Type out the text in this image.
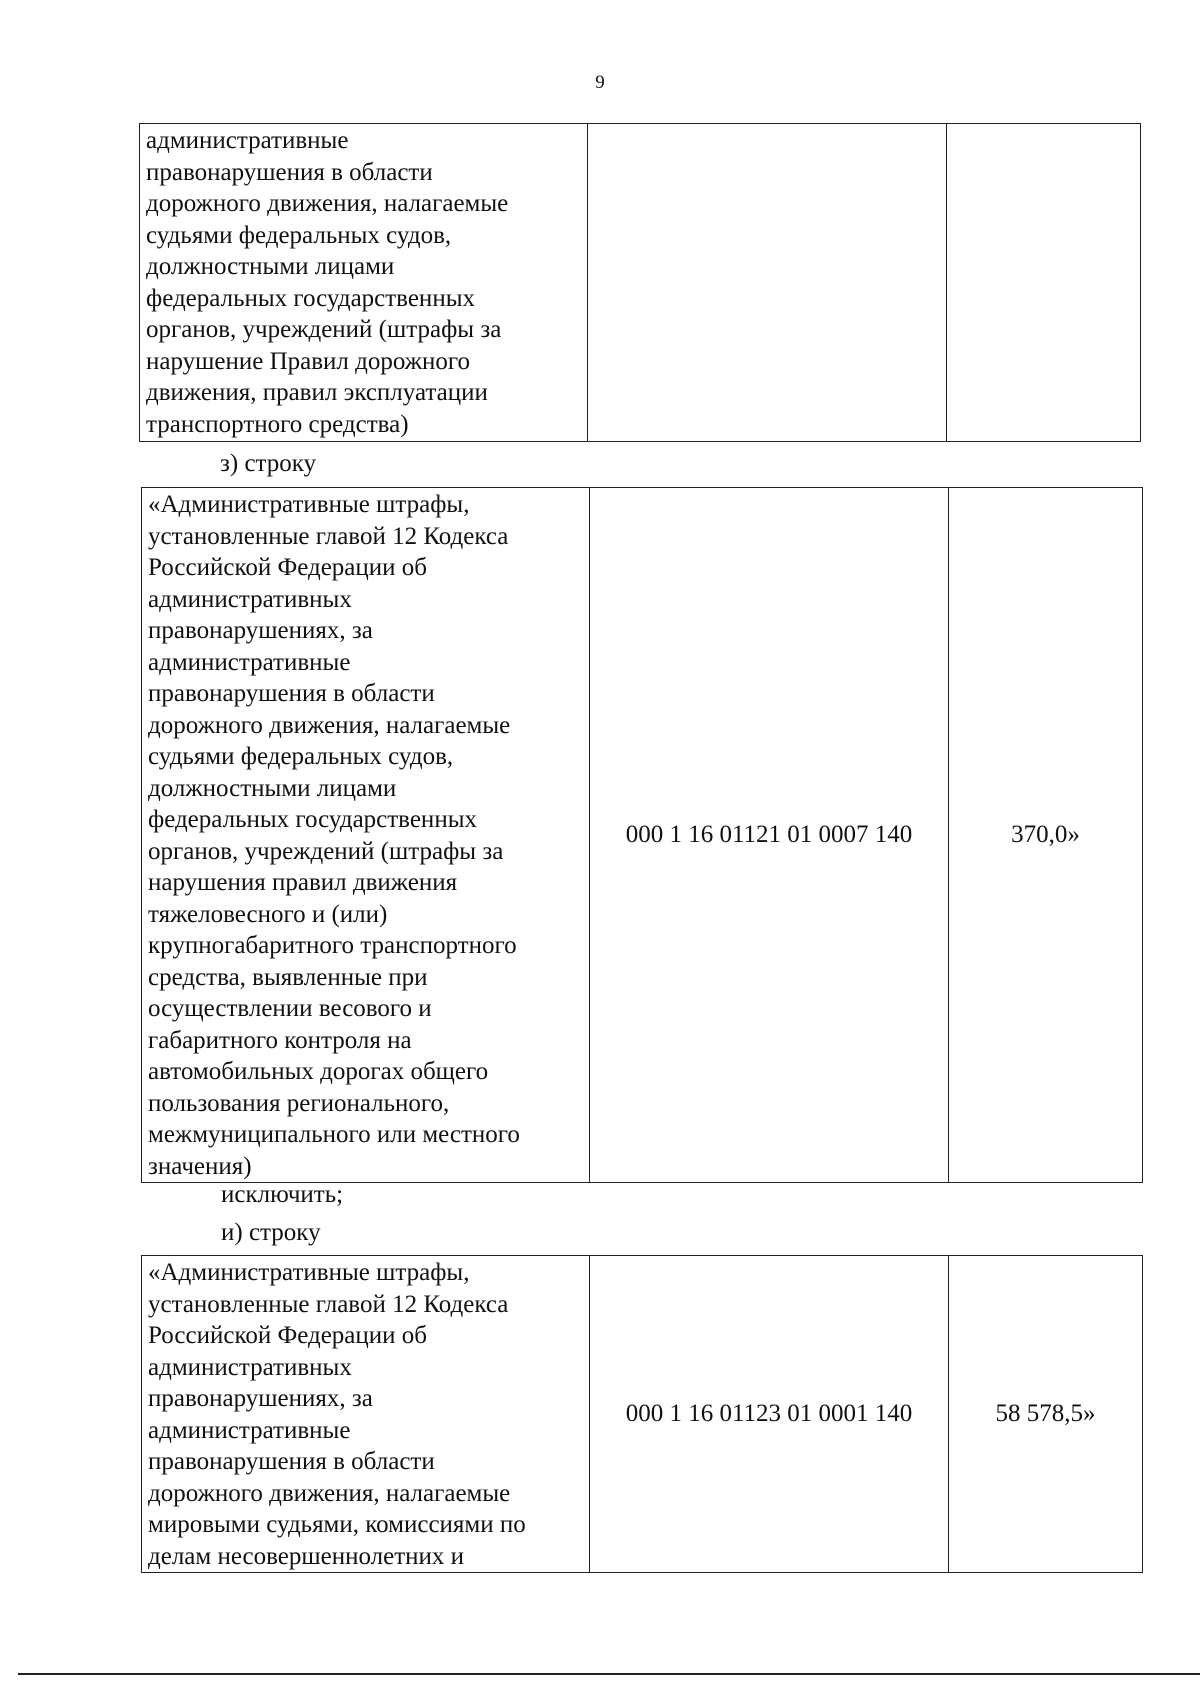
9
административные
правонарушения в области
дорожного движения, налагаемые
судьями федеральных судов,
должностными лицами
федеральных государственных
органов, учреждений (штрафы за
нарушение Правил дорожного
движения, правил эксплуатации
транспортного средства)

з) строку
«Административные штрафы,
установленные главой 12 Кодекса
Российской Федерации об
административных
правонарушениях, за
административные
правонарушения в области
дорожного движения, налагаемые
судьями федеральных судов,
должностными лицами
федеральных государственных
органов, учреждений (штрафы за
нарушения правил движения
тяжеловесного и (или)
крупногабаритного транспортного
средства, выявленные при
осуществлении весового и
габаритного контроля на
автомобильных дорогах общего
пользования регионального,
межмуниципального или местного
значения)
	000 1 16 01121 01 0007 140	370,0»
исключить;
и) строку
«Административные штрафы,
установленные главой 12 Кодекса
Российской Федерации об
административных
правонарушениях, за
административные
правонарушения в области
дорожного движения, налагаемые
мировыми судьями, комиссиями по
делам несовершеннолетних и
	000 1 16 01123 01 0001 140	58 578,5»
